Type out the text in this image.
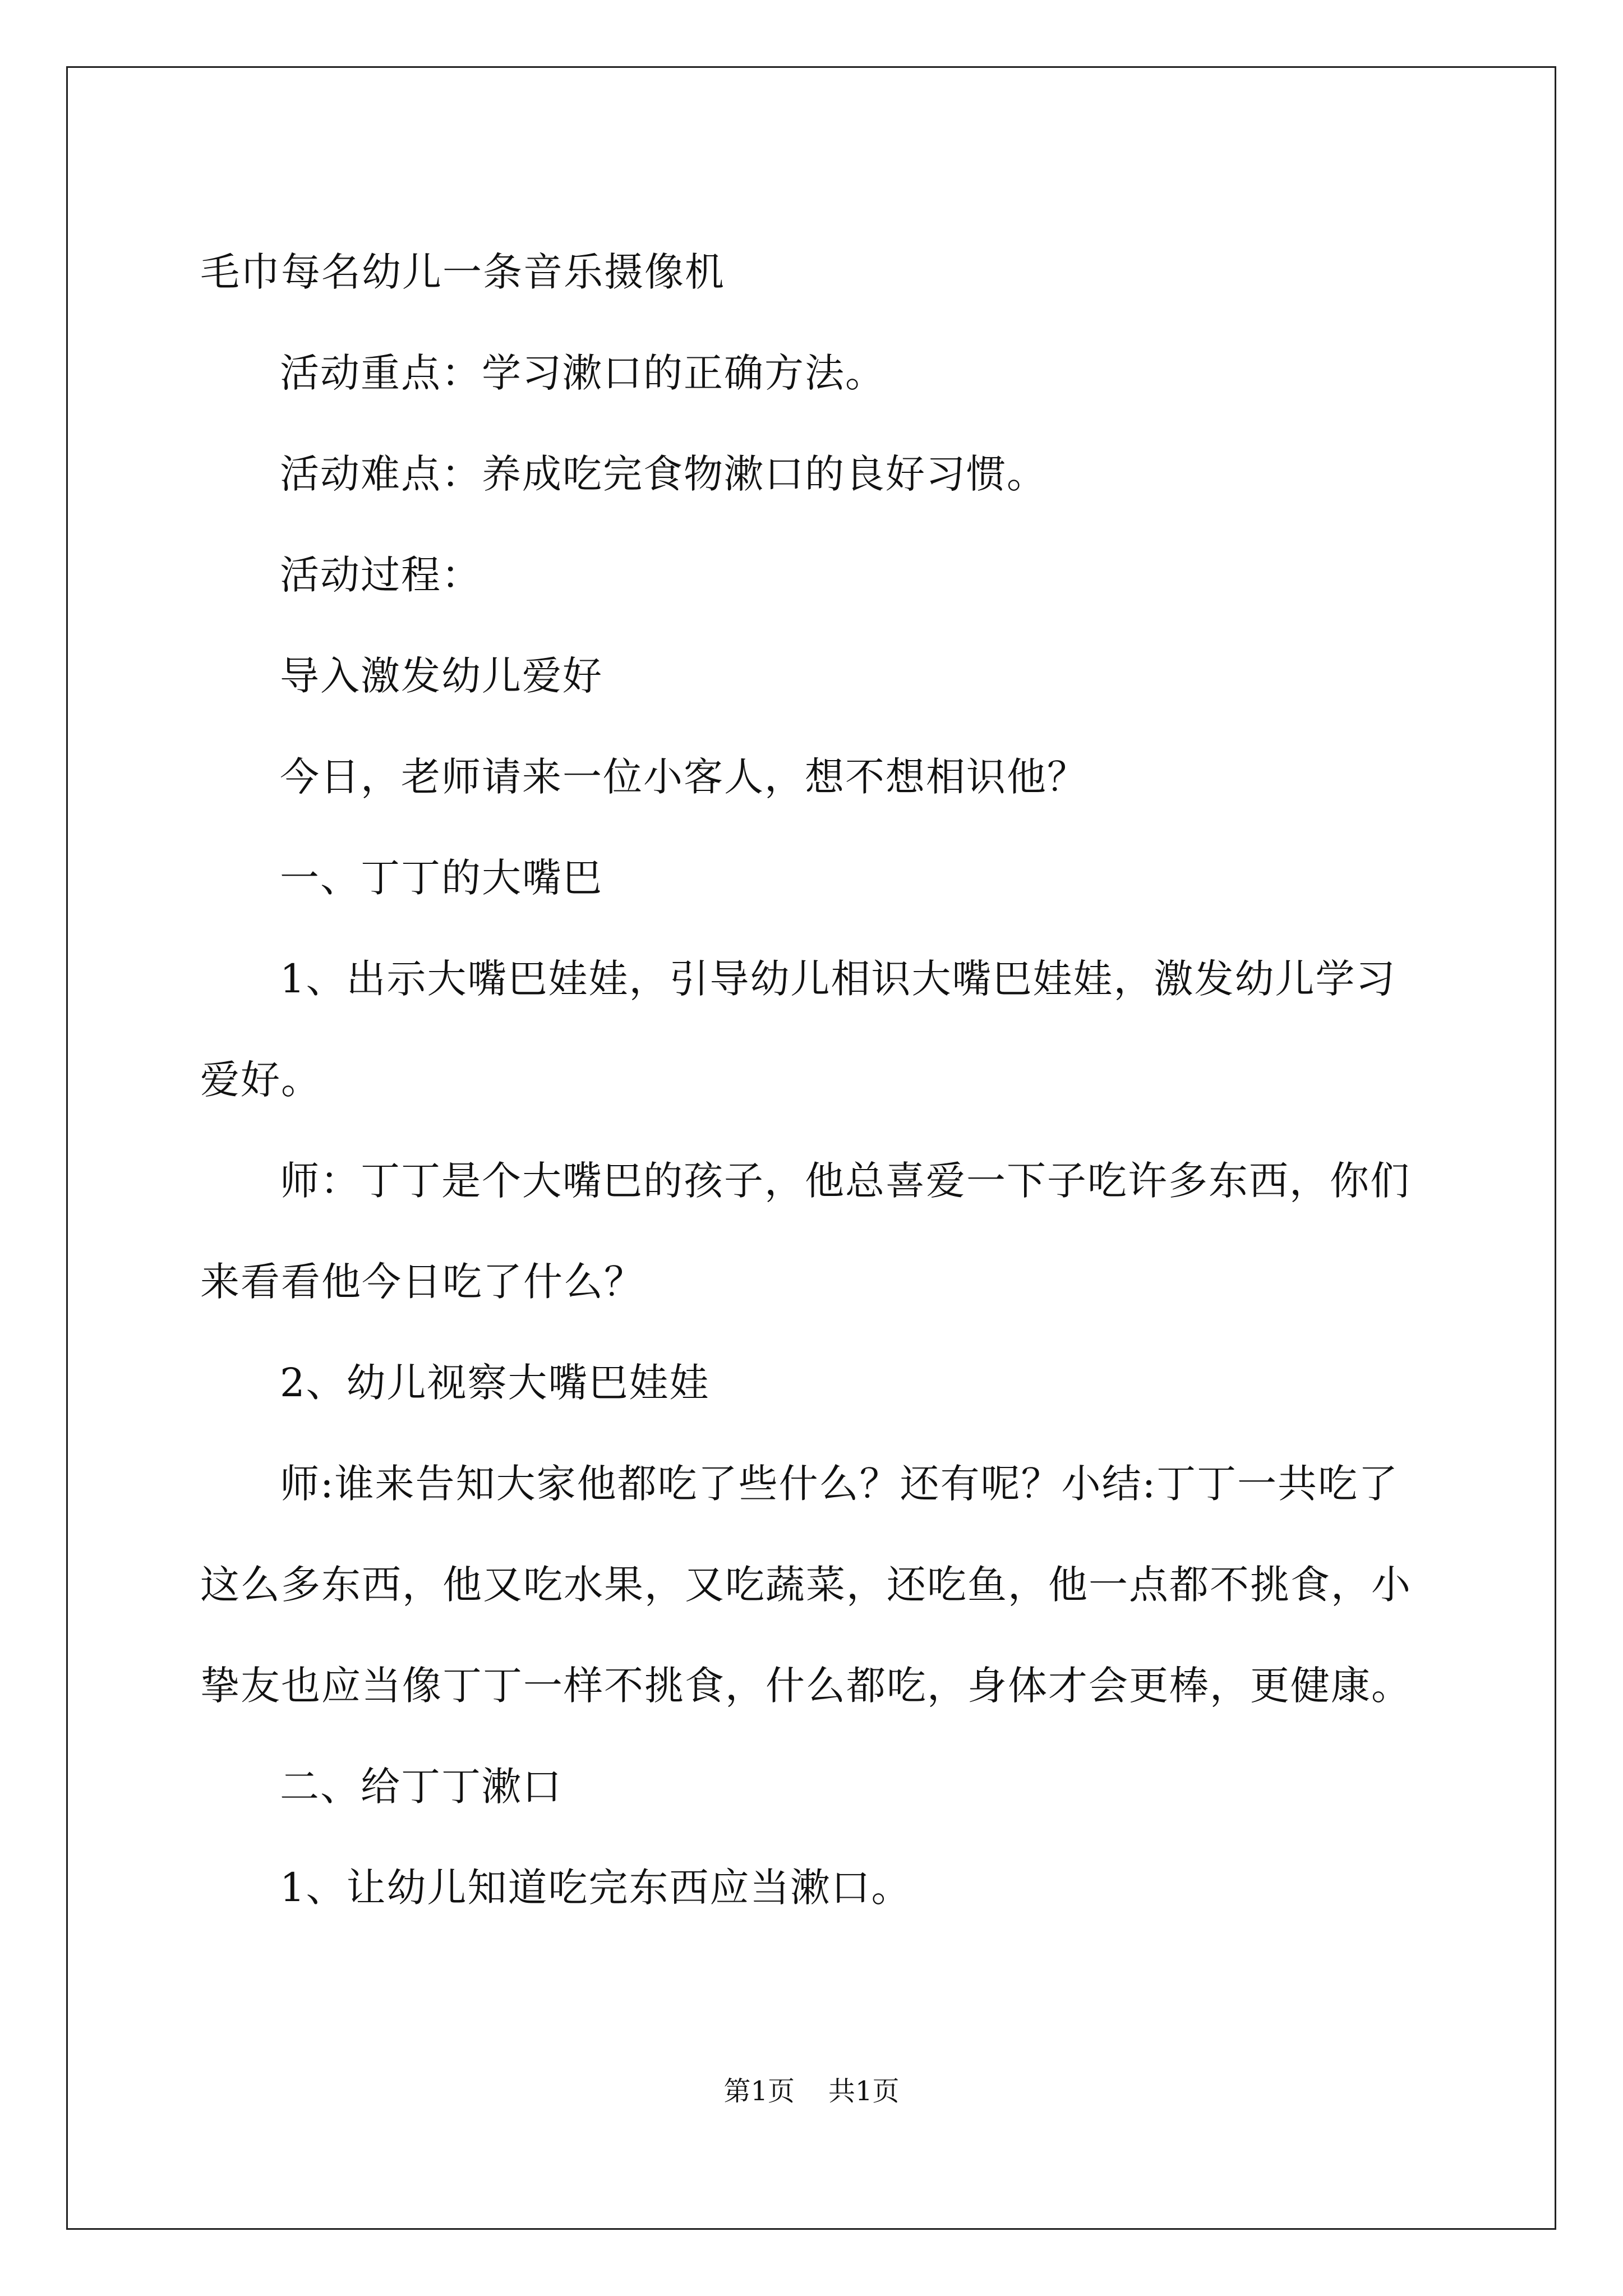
毛巾每名幼儿一条音乐摄像机

活动重点：学习漱口的正确方法。

活动难点：养成吃完食物漱口的良好习惯。

活动过程：

导入激发幼儿爱好

今日，老师请来一位小客人，想不想相识他？

一、丁丁的大嘴巴

1、出示大嘴巴娃娃，引导幼儿相识大嘴巴娃娃，激发幼儿学习爱好。

师：丁丁是个大嘴巴的孩子，他总喜爱一下子吃许多东西，你们来看看他今日吃了什么？

2、幼儿视察大嘴巴娃娃

师:谁来告知大家他都吃了些什么？还有呢？小结:丁丁一共吃了这么多东西，他又吃水果，又吃蔬菜，还吃鱼，他一点都不挑食，小挚友也应当像丁丁一样不挑食，什么都吃，身体才会更棒，更健康。

二、给丁丁漱口

1、让幼儿知道吃完东西应当漱口。

第1页 共1页
